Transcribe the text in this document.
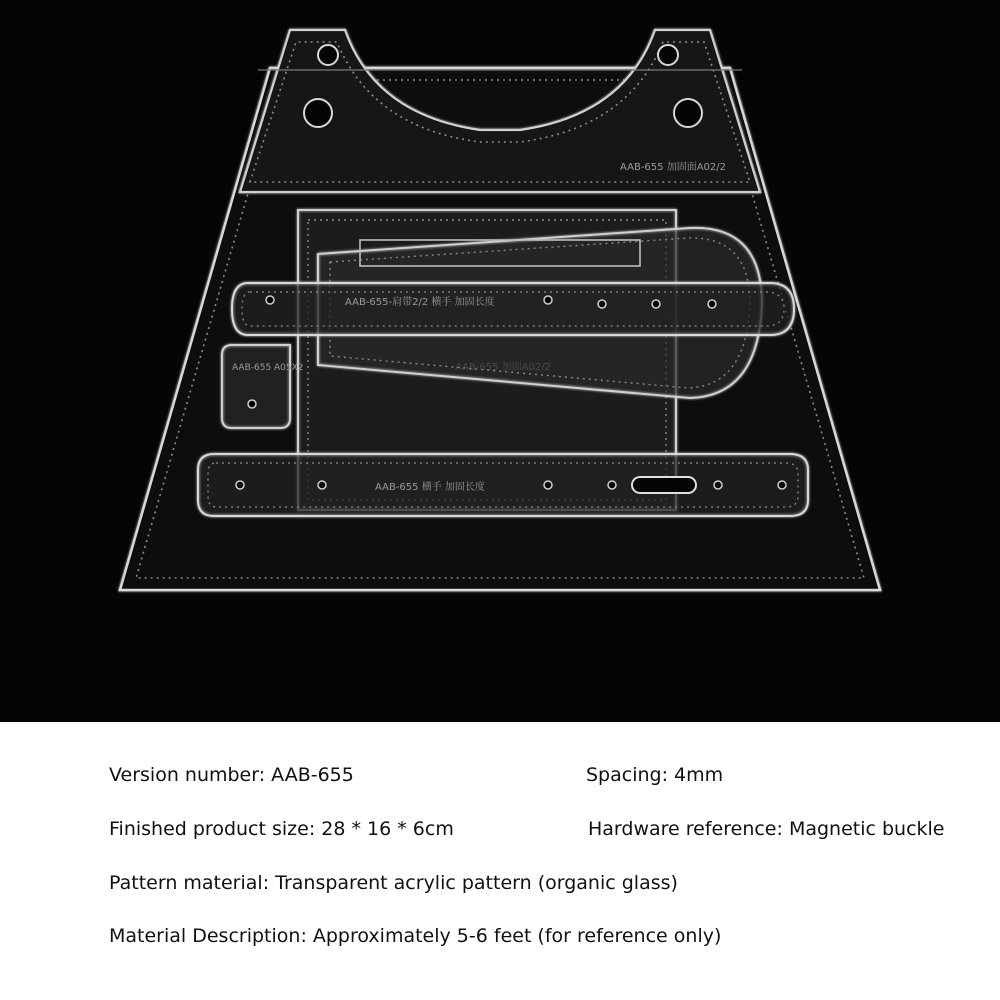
AAB-655 加固面A02/2
AAB-655-肩带2/2 横手 加固长度
AAB-655 A05X2
AAB-655 横手 加固长度
Version number: AAB-655	Spacing: 4mm
Finished product size: 28 * 16 * 6cm	Hardware reference: Magnetic buckle
Pattern material: Transparent acrylic pattern (organic glass)
Material Description: Approximately 5-6 feet (for reference only)
